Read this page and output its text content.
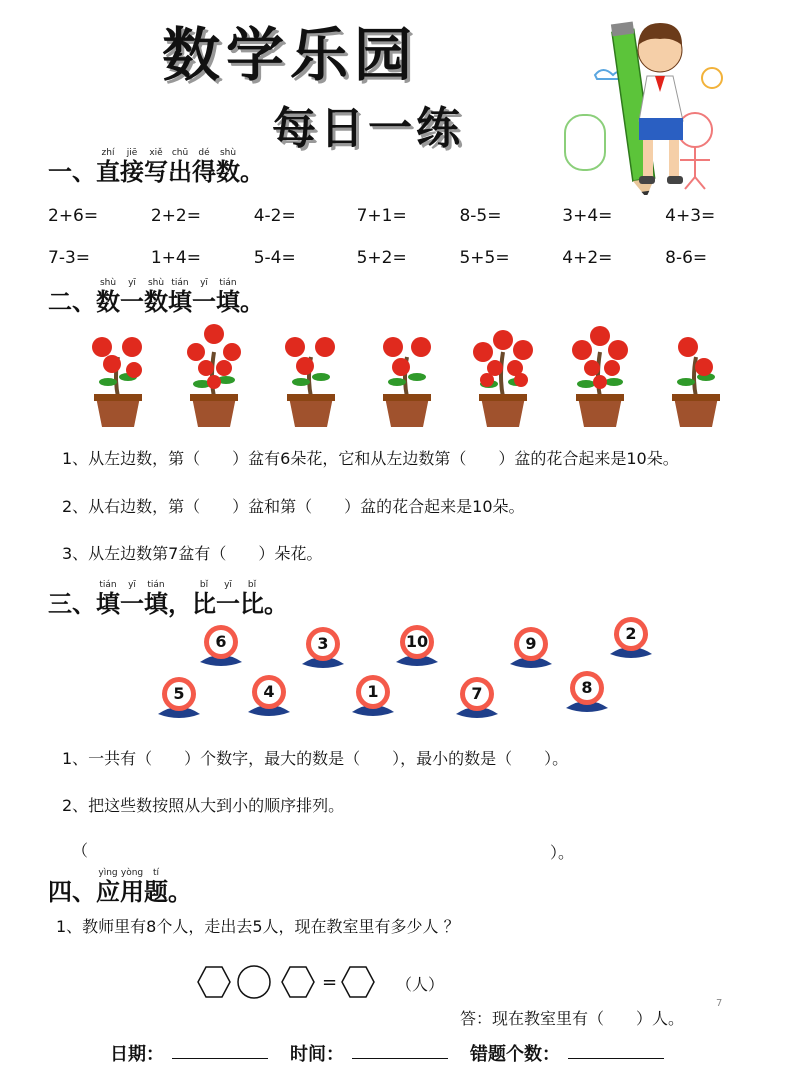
数学乐园
每日一练
一、直zhí接jiē写xiě出chū得dé数shù。
2+6=	2+2=	4-2=	7+1=	8-5=	3+4=	4+3=
7-3=	1+4=	5-4=	5+2=	5+5=	4+2=	8-6=
二、数shù一yī数shù填tián一yī填tián。
1、从左边数，第（　　）盆有6朵花，它和从左边数第（　　）盆的花合起来是10朵。
2、从右边数，第（　　）盆和第（　　）盆的花合起来是10朵。
3、从左边数第7盆有（　　）朵花。
三、填tián一yī填tián，比bǐ一yī比bǐ。
6	3	10	9
2
5	4	1	7	8
1、一共有（　　）个数字，最大的数是（　　），最小的数是（　　）。
2、把这些数按照从大到小的顺序排列。
（	）。
四、应yìng用yòng题tí。
1、教师里有8个人，走出去5人，现在教室里有多少人 ？
=	（人）
答：现在教室里有（　　）人。
7
日期：	时间：	错题个数：
